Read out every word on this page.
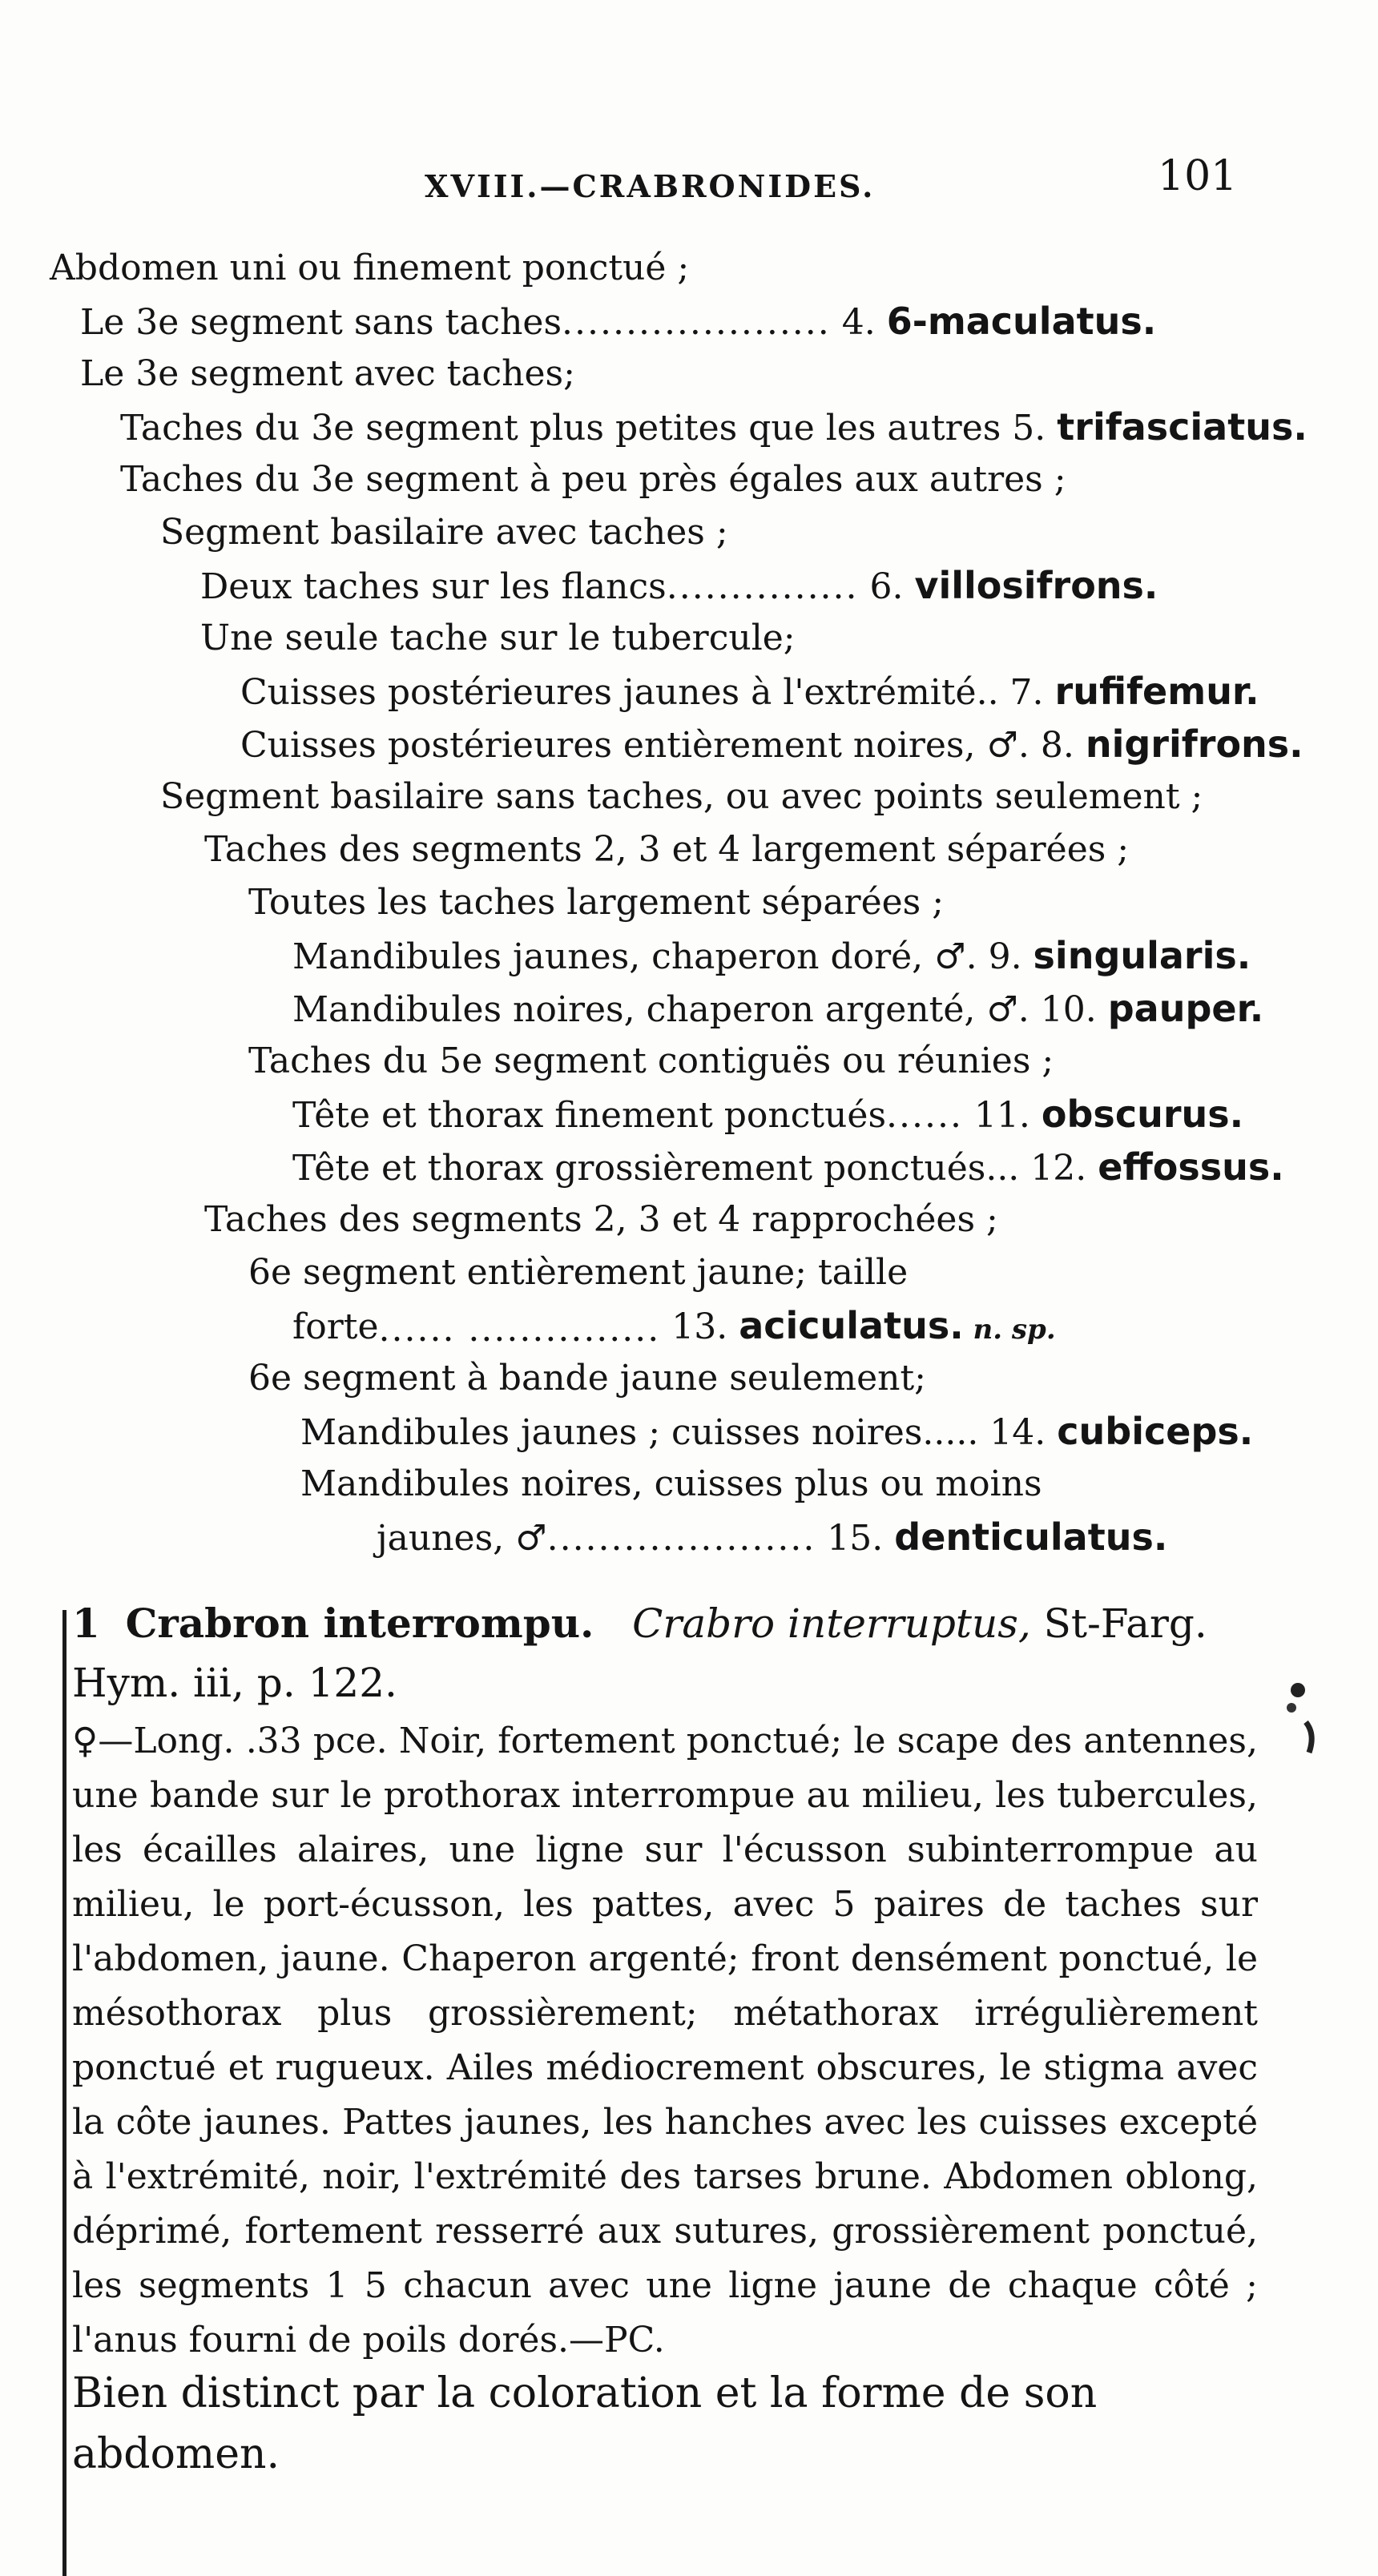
XVIII.—CRABRONIDES.	101
Abdomen uni ou finement ponctué ;
Le 3e segment sans taches..................... 4. 6-maculatus.
Le 3e segment avec taches;
Taches du 3e segment plus petites que les autres 5. trifasciatus.
Taches du 3e segment à peu près égales aux autres ;
Segment basilaire avec taches ;
Deux taches sur les flancs............... 6. villosifrons.
Une seule tache sur le tubercule;
Cuisses postérieures jaunes à l'extrémité.. 7. rufifemur.
Cuisses postérieures entièrement noires, ♂. 8. nigrifrons.
Segment basilaire sans taches, ou avec points seulement ;
Taches des segments 2, 3 et 4 largement séparées ;
Toutes les taches largement séparées ;
Mandibules jaunes, chaperon doré, ♂. 9. singularis.
Mandibules noires, chaperon argenté, ♂. 10. pauper.
Taches du 5e segment contiguës ou réunies ;
Tête et thorax finement ponctués...... 11. obscurus.
Tête et thorax grossièrement ponctués... 12. effossus.
Taches des segments 2, 3 et 4 rapprochées ;
6e segment entièrement jaune; taille
forte...... ............... 13. aciculatus. n. sp.
6e segment à bande jaune seulement;
Mandibules jaunes ; cuisses noires..... 14. cubiceps.
Mandibules noires, cuisses plus ou moins
jaunes, ♂..................... 15. denticulatus.
1 Crabron interrompu. Crabro interruptus, St-Farg.
Hym. iii, p. 122.

♀—Long. .33 pce. Noir, fortement ponctué; le scape des antennes, une bande sur le prothorax interrompue au milieu, les tubercules, les écailles alaires, une ligne sur l'écusson subinterrompue au milieu, le port-écusson, les pattes, avec 5 paires de taches sur l'abdomen, jaune. Chaperon argenté; front densément ponctué, le mésothorax plus grossièrement; métathorax irrégulièrement ponctué et rugueux. Ailes médiocrement obscures, le stigma avec la côte jaunes. Pattes jaunes, les hanches avec les cuisses excepté à l'extrémité, noir, l'extrémité des tarses brune. Abdomen oblong, déprimé, fortement resserré aux sutures, grossièrement ponctué, les segments 1 5 chacun avec une ligne jaune de chaque côté ; l'anus fourni de poils dorés.—PC.

Bien distinct par la coloration et la forme de son abdomen.
